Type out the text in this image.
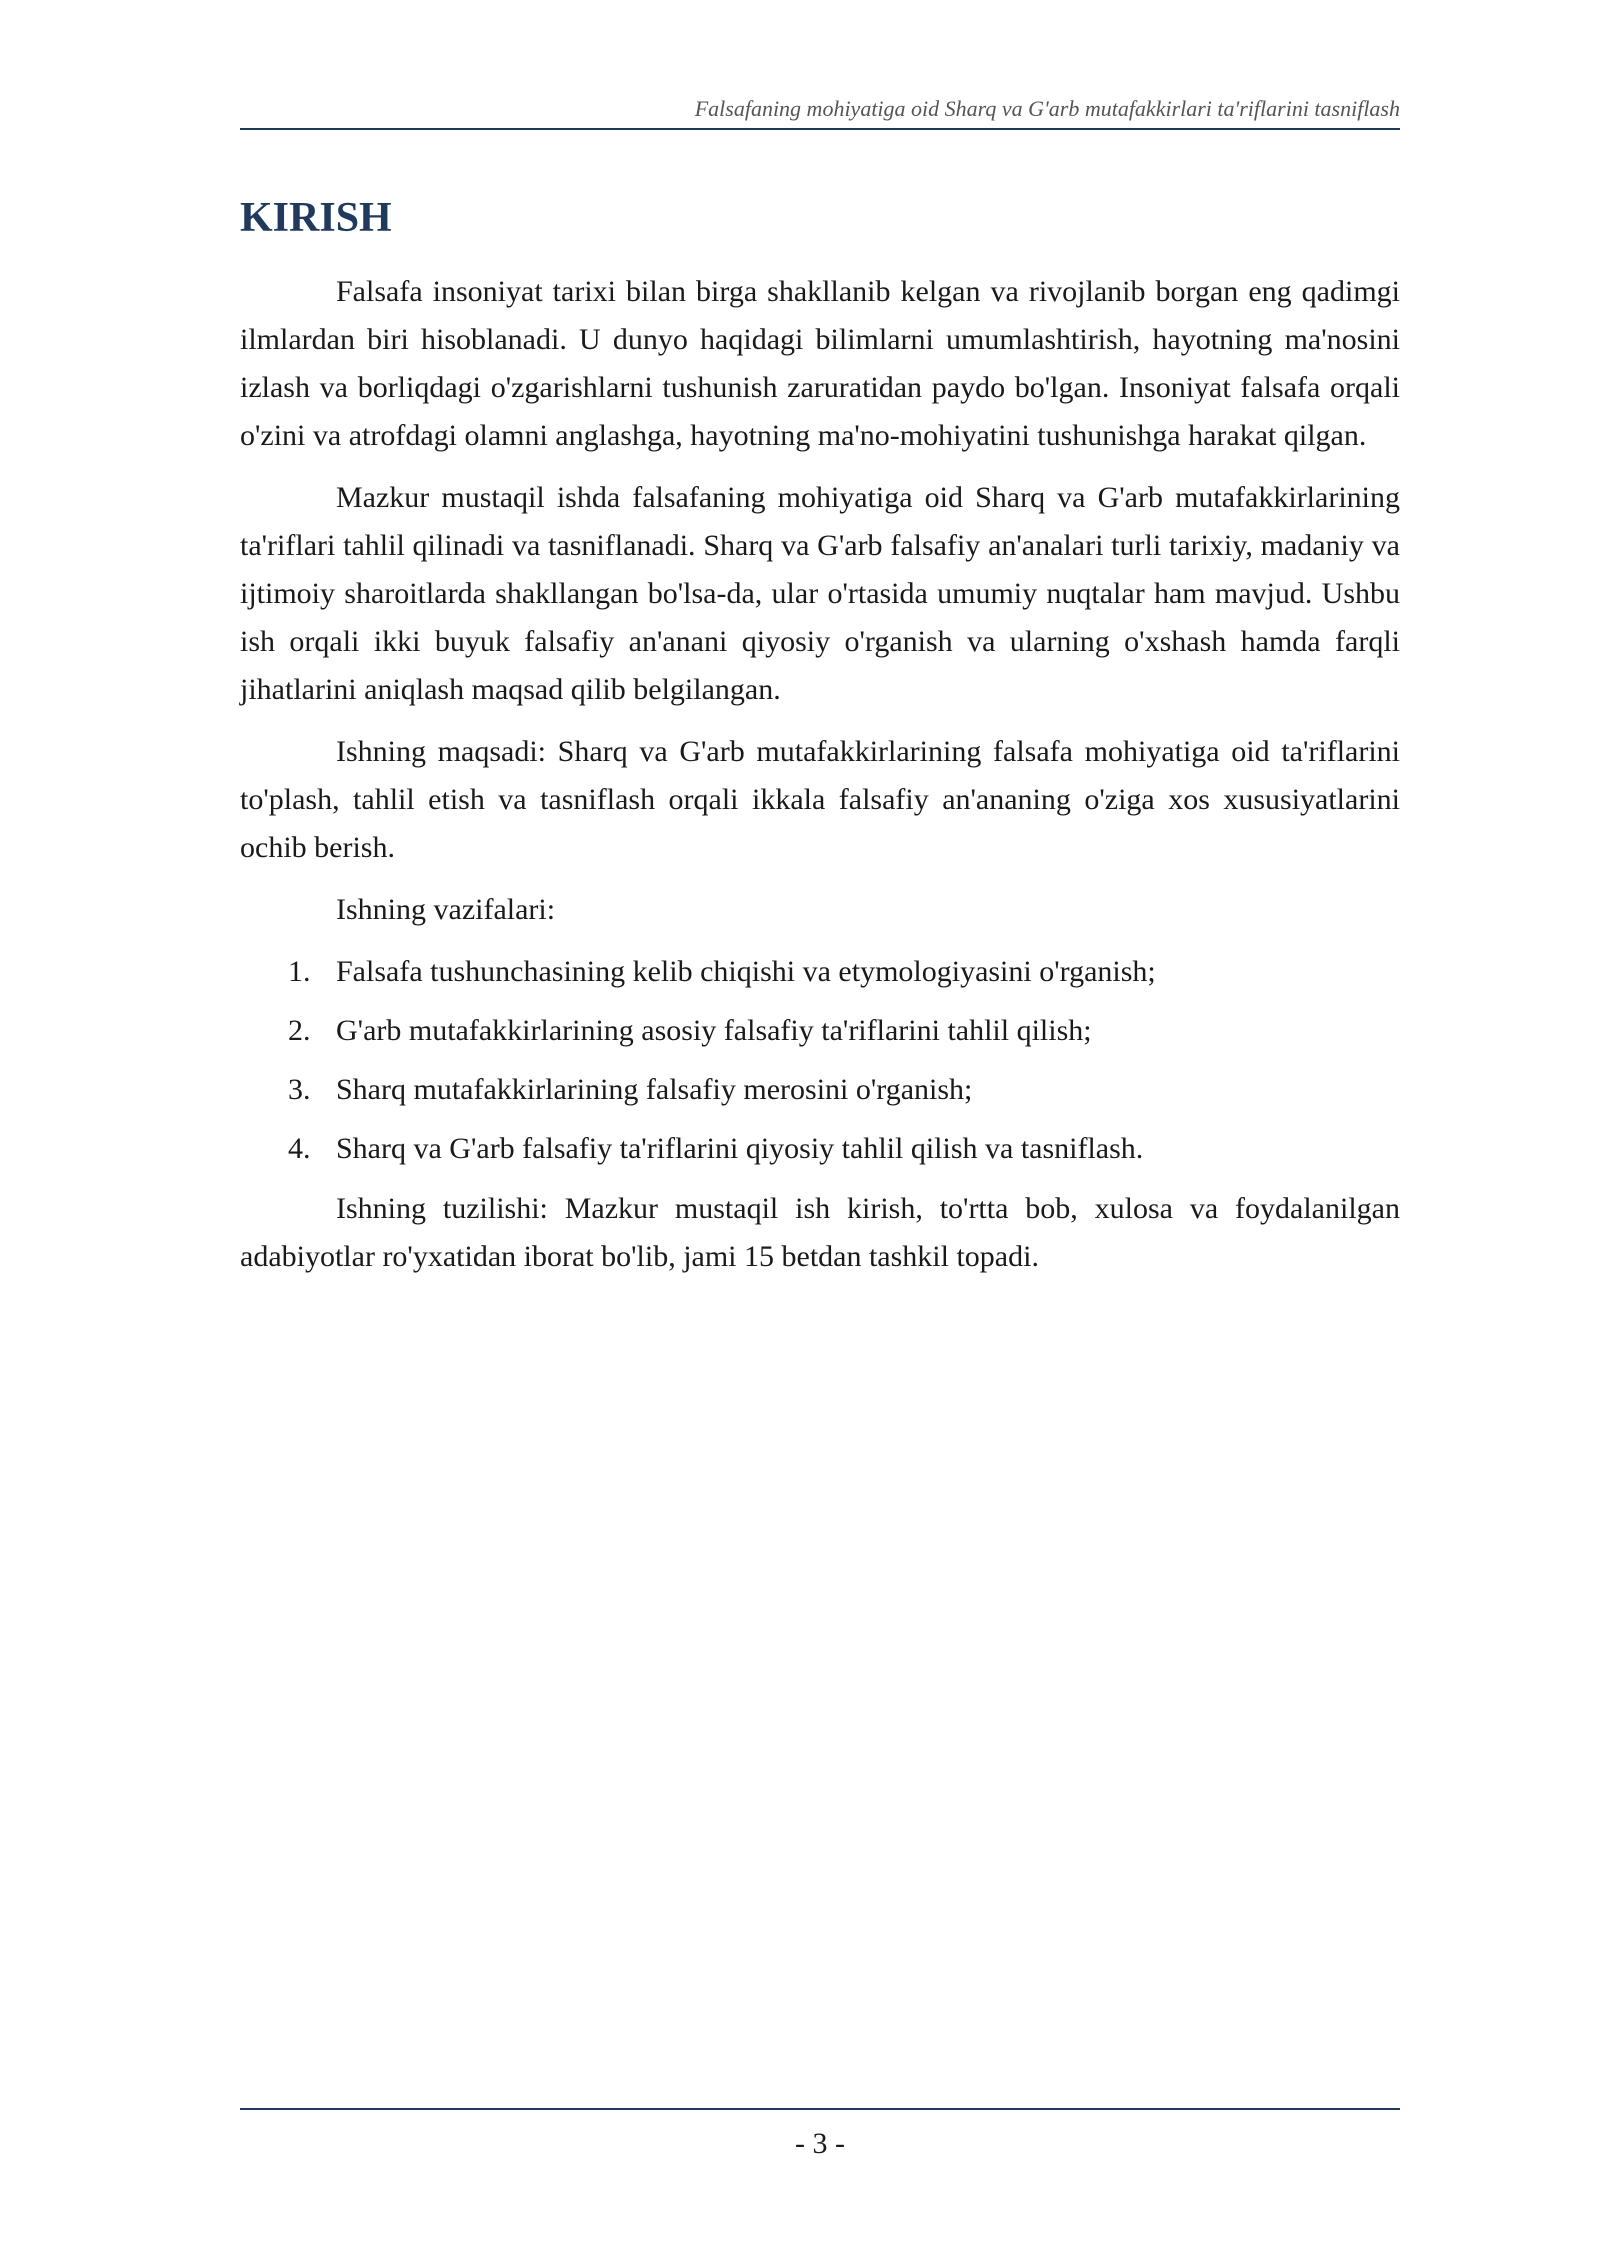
Falsafaning mohiyatiga oid Sharq va G'arb mutafakkirlari ta'riflarini tasniflash
KIRISH

Falsafa insoniyat tarixi bilan birga shakllanib kelgan va rivojlanib borgan eng qadimgi ilmlardan biri hisoblanadi. U dunyo haqidagi bilimlarni umumlashtirish, hayotning ma'nosini izlash va borliqdagi o'zgarishlarni tushunish zaruratidan paydo bo'lgan. Insoniyat falsafa orqali o'zini va atrofdagi olamni anglashga, hayotning ma'no-mohiyatini tushunishga harakat qilgan.

Mazkur mustaqil ishda falsafaning mohiyatiga oid Sharq va G'arb mutafakkirlarining ta'riflari tahlil qilinadi va tasniflanadi. Sharq va G'arb falsafiy an'analari turli tarixiy, madaniy va ijtimoiy sharoitlarda shakllangan bo'lsa-da, ular o'rtasida umumiy nuqtalar ham mavjud. Ushbu ish orqali ikki buyuk falsafiy an'anani qiyosiy o'rganish va ularning o'xshash hamda farqli jihatlarini aniqlash maqsad qilib belgilangan.

Ishning maqsadi: Sharq va G'arb mutafakkirlarining falsafa mohiyatiga oid ta'riflarini to'plash, tahlil etish va tasniflash orqali ikkala falsafiy an'ananing o'ziga xos xususiyatlarini ochib berish.

Ishning vazifalari:

1. Falsafa tushunchasining kelib chiqishi va etymologiyasini o'rganish;
2. G'arb mutafakkirlarining asosiy falsafiy ta'riflarini tahlil qilish;
3. Sharq mutafakkirlarining falsafiy merosini o'rganish;
4. Sharq va G'arb falsafiy ta'riflarini qiyosiy tahlil qilish va tasniflash.

Ishning tuzilishi: Mazkur mustaqil ish kirish, to'rtta bob, xulosa va foydalanilgan adabiyotlar ro'yxatidan iborat bo'lib, jami 15 betdan tashkil topadi.

- 3 -
